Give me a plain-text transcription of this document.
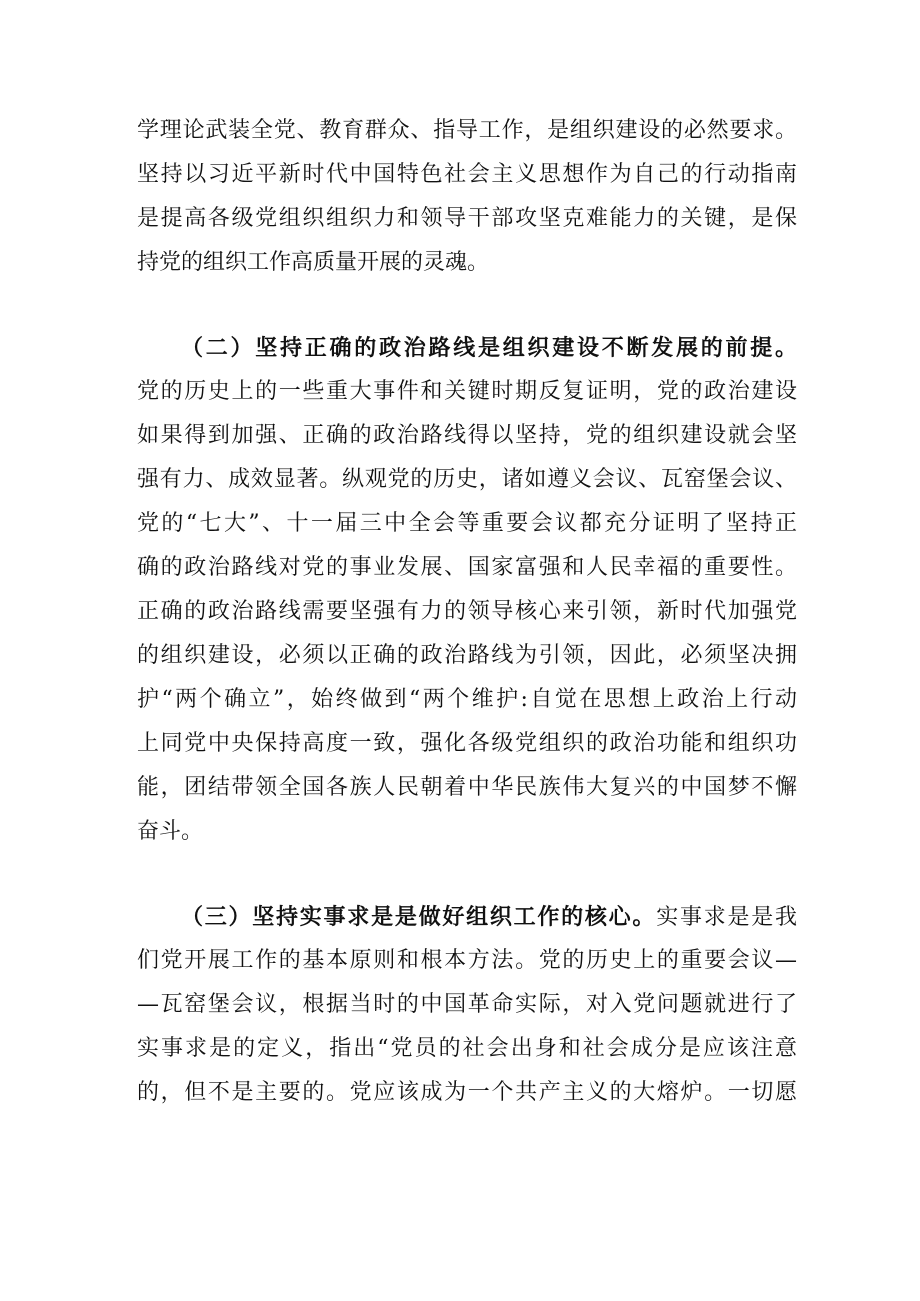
学理论武装全党、教育群众、指导工作，是组织建设的必然要求。
坚持以习近平新时代中国特色社会主义思想作为自己的行动指南
是提高各级党组织组织力和领导干部攻坚克难能力的关键，是保
持党的组织工作高质量开展的灵魂。
（二）坚持正确的政治路线是组织建设不断发展的前提。
党的历史上的一些重大事件和关键时期反复证明，党的政治建设
如果得到加强、正确的政治路线得以坚持，党的组织建设就会坚
强有力、成效显著。纵观党的历史，诸如遵义会议、瓦窑堡会议、
党的“七大”、十一届三中全会等重要会议都充分证明了坚持正
确的政治路线对党的事业发展、国家富强和人民幸福的重要性。
正确的政治路线需要坚强有力的领导核心来引领，新时代加强党
的组织建设，必须以正确的政治路线为引领，因此，必须坚决拥
护“两个确立”，始终做到“两个维护:自觉在思想上政治上行动
上同党中央保持高度一致，强化各级党组织的政治功能和组织功
能，团结带领全国各族人民朝着中华民族伟大复兴的中国梦不懈
奋斗。
（三）坚持实事求是是做好组织工作的核心。实事求是是我
们党开展工作的基本原则和根本方法。党的历史上的重要会议—
—瓦窑堡会议，根据当时的中国革命实际，对入党问题就进行了
实事求是的定义，指出“党员的社会出身和社会成分是应该注意
的，但不是主要的。党应该成为一个共产主义的大熔炉。一切愿
